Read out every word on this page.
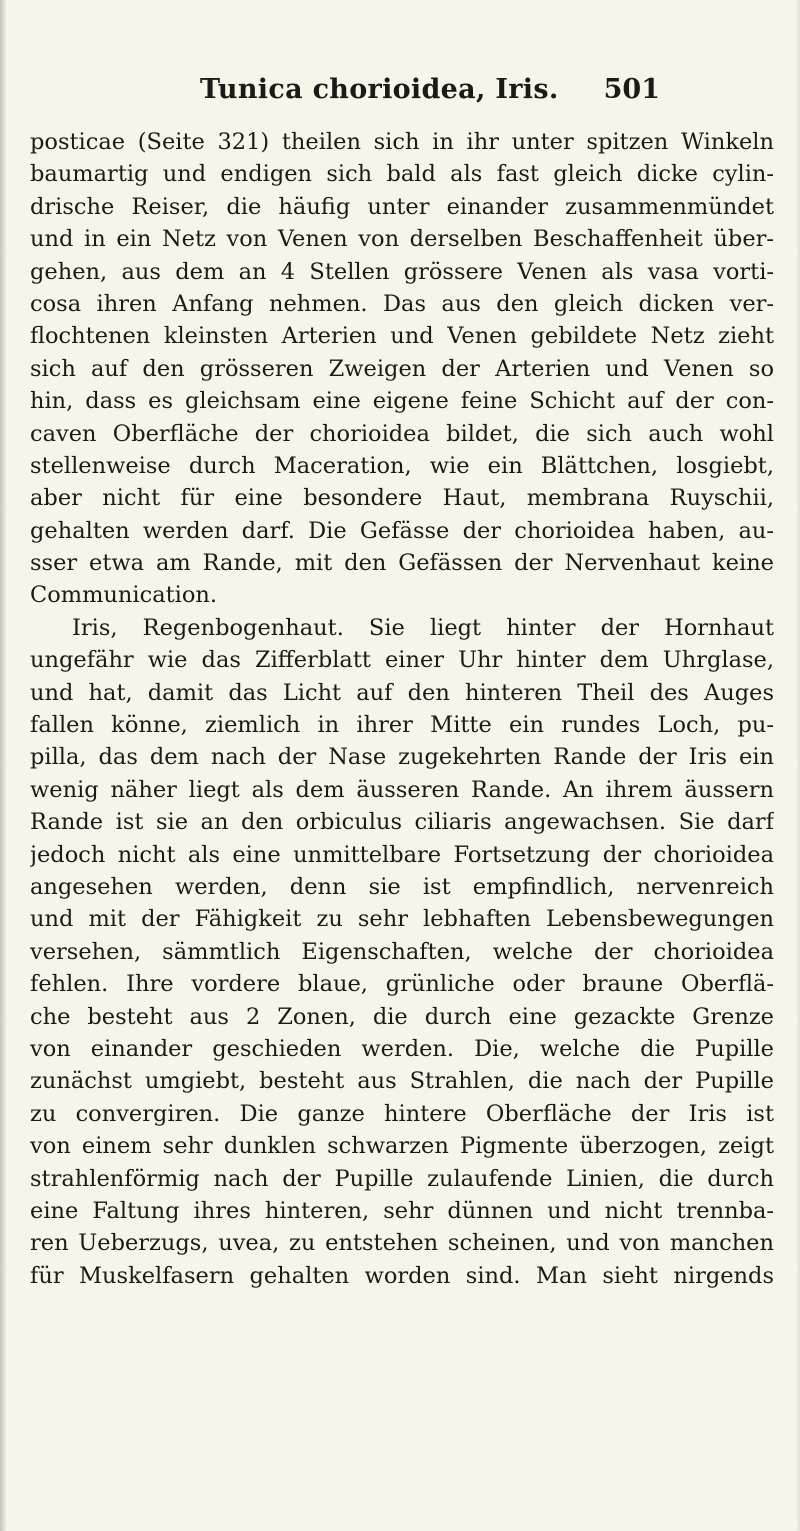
Tunica chorioidea, Iris. 501
posticae (Seite 321) theilen sich in ihr unter spitzen Winkeln
baumartig und endigen sich bald als fast gleich dicke cylin-
drische Reiser, die häufig unter einander zusammenmündet
und in ein Netz von Venen von derselben Beschaffenheit über-
gehen, aus dem an 4 Stellen grössere Venen als vasa vorti-
cosa ihren Anfang nehmen. Das aus den gleich dicken ver-
flochtenen kleinsten Arterien und Venen gebildete Netz zieht
sich auf den grösseren Zweigen der Arterien und Venen so
hin, dass es gleichsam eine eigene feine Schicht auf der con-
caven Oberfläche der chorioidea bildet, die sich auch wohl
stellenweise durch Maceration, wie ein Blättchen, losgiebt,
aber nicht für eine besondere Haut, membrana Ruyschii,
gehalten werden darf. Die Gefässe der chorioidea haben, au-
sser etwa am Rande, mit den Gefässen der Nervenhaut keine
Communication.
Iris, Regenbogenhaut. Sie liegt hinter der Hornhaut
ungefähr wie das Zifferblatt einer Uhr hinter dem Uhrglase,
und hat, damit das Licht auf den hinteren Theil des Auges
fallen könne, ziemlich in ihrer Mitte ein rundes Loch, pu-
pilla, das dem nach der Nase zugekehrten Rande der Iris ein
wenig näher liegt als dem äusseren Rande. An ihrem äussern
Rande ist sie an den orbiculus ciliaris angewachsen. Sie darf
jedoch nicht als eine unmittelbare Fortsetzung der chorioidea
angesehen werden, denn sie ist empfindlich, nervenreich
und mit der Fähigkeit zu sehr lebhaften Lebensbewegungen
versehen, sämmtlich Eigenschaften, welche der chorioidea
fehlen. Ihre vordere blaue, grünliche oder braune Oberflä-
che besteht aus 2 Zonen, die durch eine gezackte Grenze
von einander geschieden werden. Die, welche die Pupille
zunächst umgiebt, besteht aus Strahlen, die nach der Pupille
zu convergiren. Die ganze hintere Oberfläche der Iris ist
von einem sehr dunklen schwarzen Pigmente überzogen, zeigt
strahlenförmig nach der Pupille zulaufende Linien, die durch
eine Faltung ihres hinteren, sehr dünnen und nicht trennba-
ren Ueberzugs, uvea, zu entstehen scheinen, und von manchen
für Muskelfasern gehalten worden sind. Man sieht nirgends
